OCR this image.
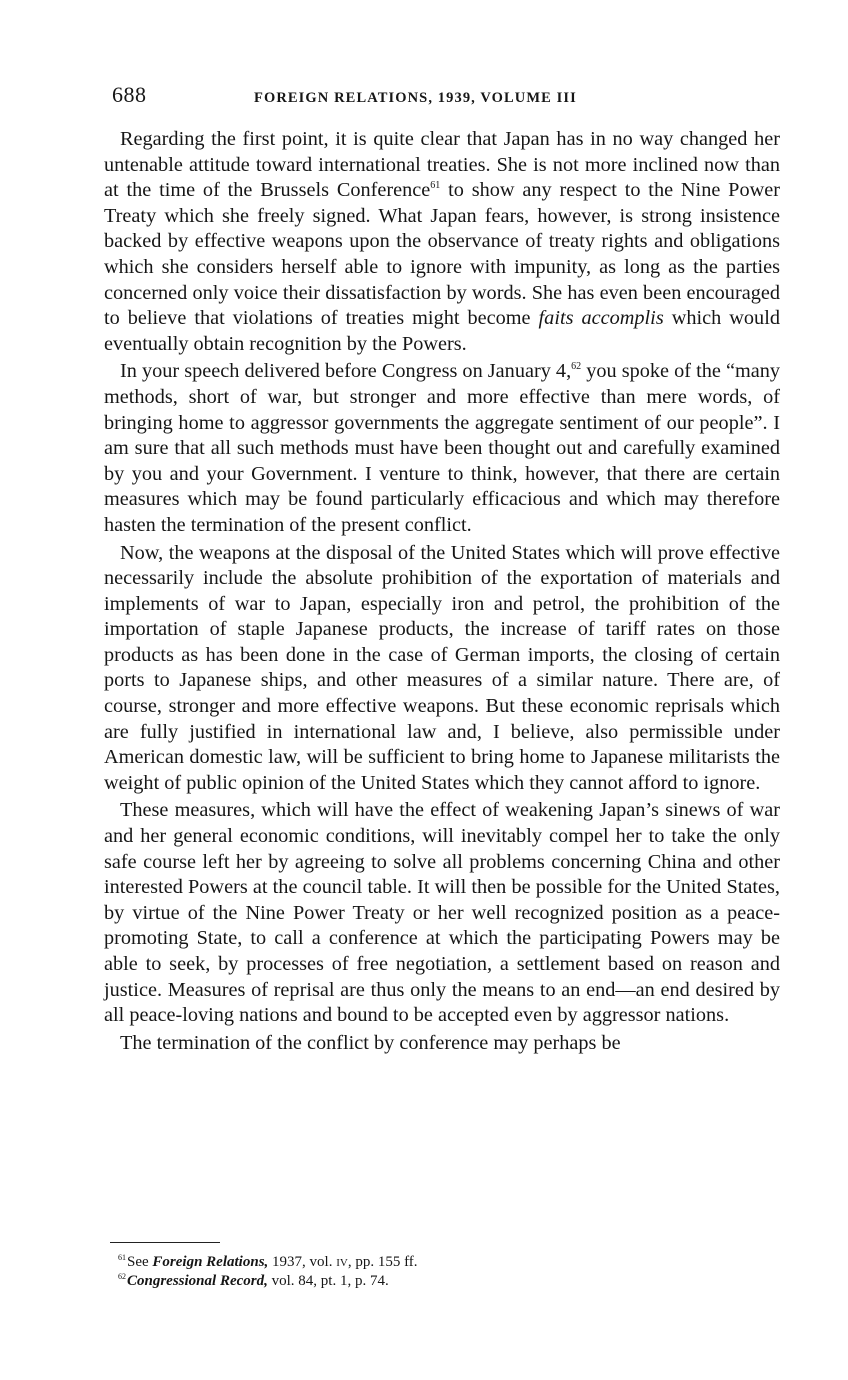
688	FOREIGN RELATIONS, 1939, VOLUME III

Regarding the first point, it is quite clear that Japan has in no way changed her untenable attitude toward international treaties. She is not more inclined now than at the time of the Brussels Conference$^{61}$ to show any respect to the Nine Power Treaty which she freely signed. What Japan fears, however, is strong insistence backed by effective weapons upon the observance of treaty rights and obligations which she considers herself able to ignore with impunity, as long as the parties concerned only voice their dissatisfaction by words. She has even been encouraged to believe that violations of treaties might become faits accomplis which would eventually obtain recognition by the Powers.

In your speech delivered before Congress on January 4,62 you spoke of the “many methods, short of war, but stronger and more effective than mere words, of bringing home to aggressor governments the aggregate sentiment of our people”. I am sure that all such methods must have been thought out and carefully examined by you and your Government. I venture to think, however, that there are certain measures which may be found particularly efficacious and which may therefore hasten the termination of the present conflict.

Now, the weapons at the disposal of the United States which will prove effective necessarily include the absolute prohibition of the exportation of materials and implements of war to Japan, especially iron and petrol, the prohibition of the importation of staple Japanese products, the increase of tariff rates on those products as has been done in the case of German imports, the closing of certain ports to Japanese ships, and other measures of a similar nature. There are, of course, stronger and more effective weapons. But these economic reprisals which are fully justified in international law and, I believe, also permissible under American domestic law, will be sufficient to bring home to Japanese militarists the weight of public opinion of the United States which they cannot afford to ignore.

These measures, which will have the effect of weakening Japan’s sinews of war and her general economic conditions, will inevitably compel her to take the only safe course left her by agreeing to solve all problems concerning China and other interested Powers at the council table. It will then be possible for the United States, by virtue of the Nine Power Treaty or her well recognized position as a peace-promoting State, to call a conference at which the participating Powers may be able to seek, by processes of free negotiation, a settlement based on reason and justice. Measures of reprisal are thus only the means to an end—an end desired by all peace-loving nations and bound to be accepted even by aggressor nations.

The termination of the conflict by conference may perhaps be

$^{61}$See Foreign Relations, 1937, vol. iv, pp. 155 ff.
$^{62}$Congressional Record, vol. 84, pt. 1, p. 74.
